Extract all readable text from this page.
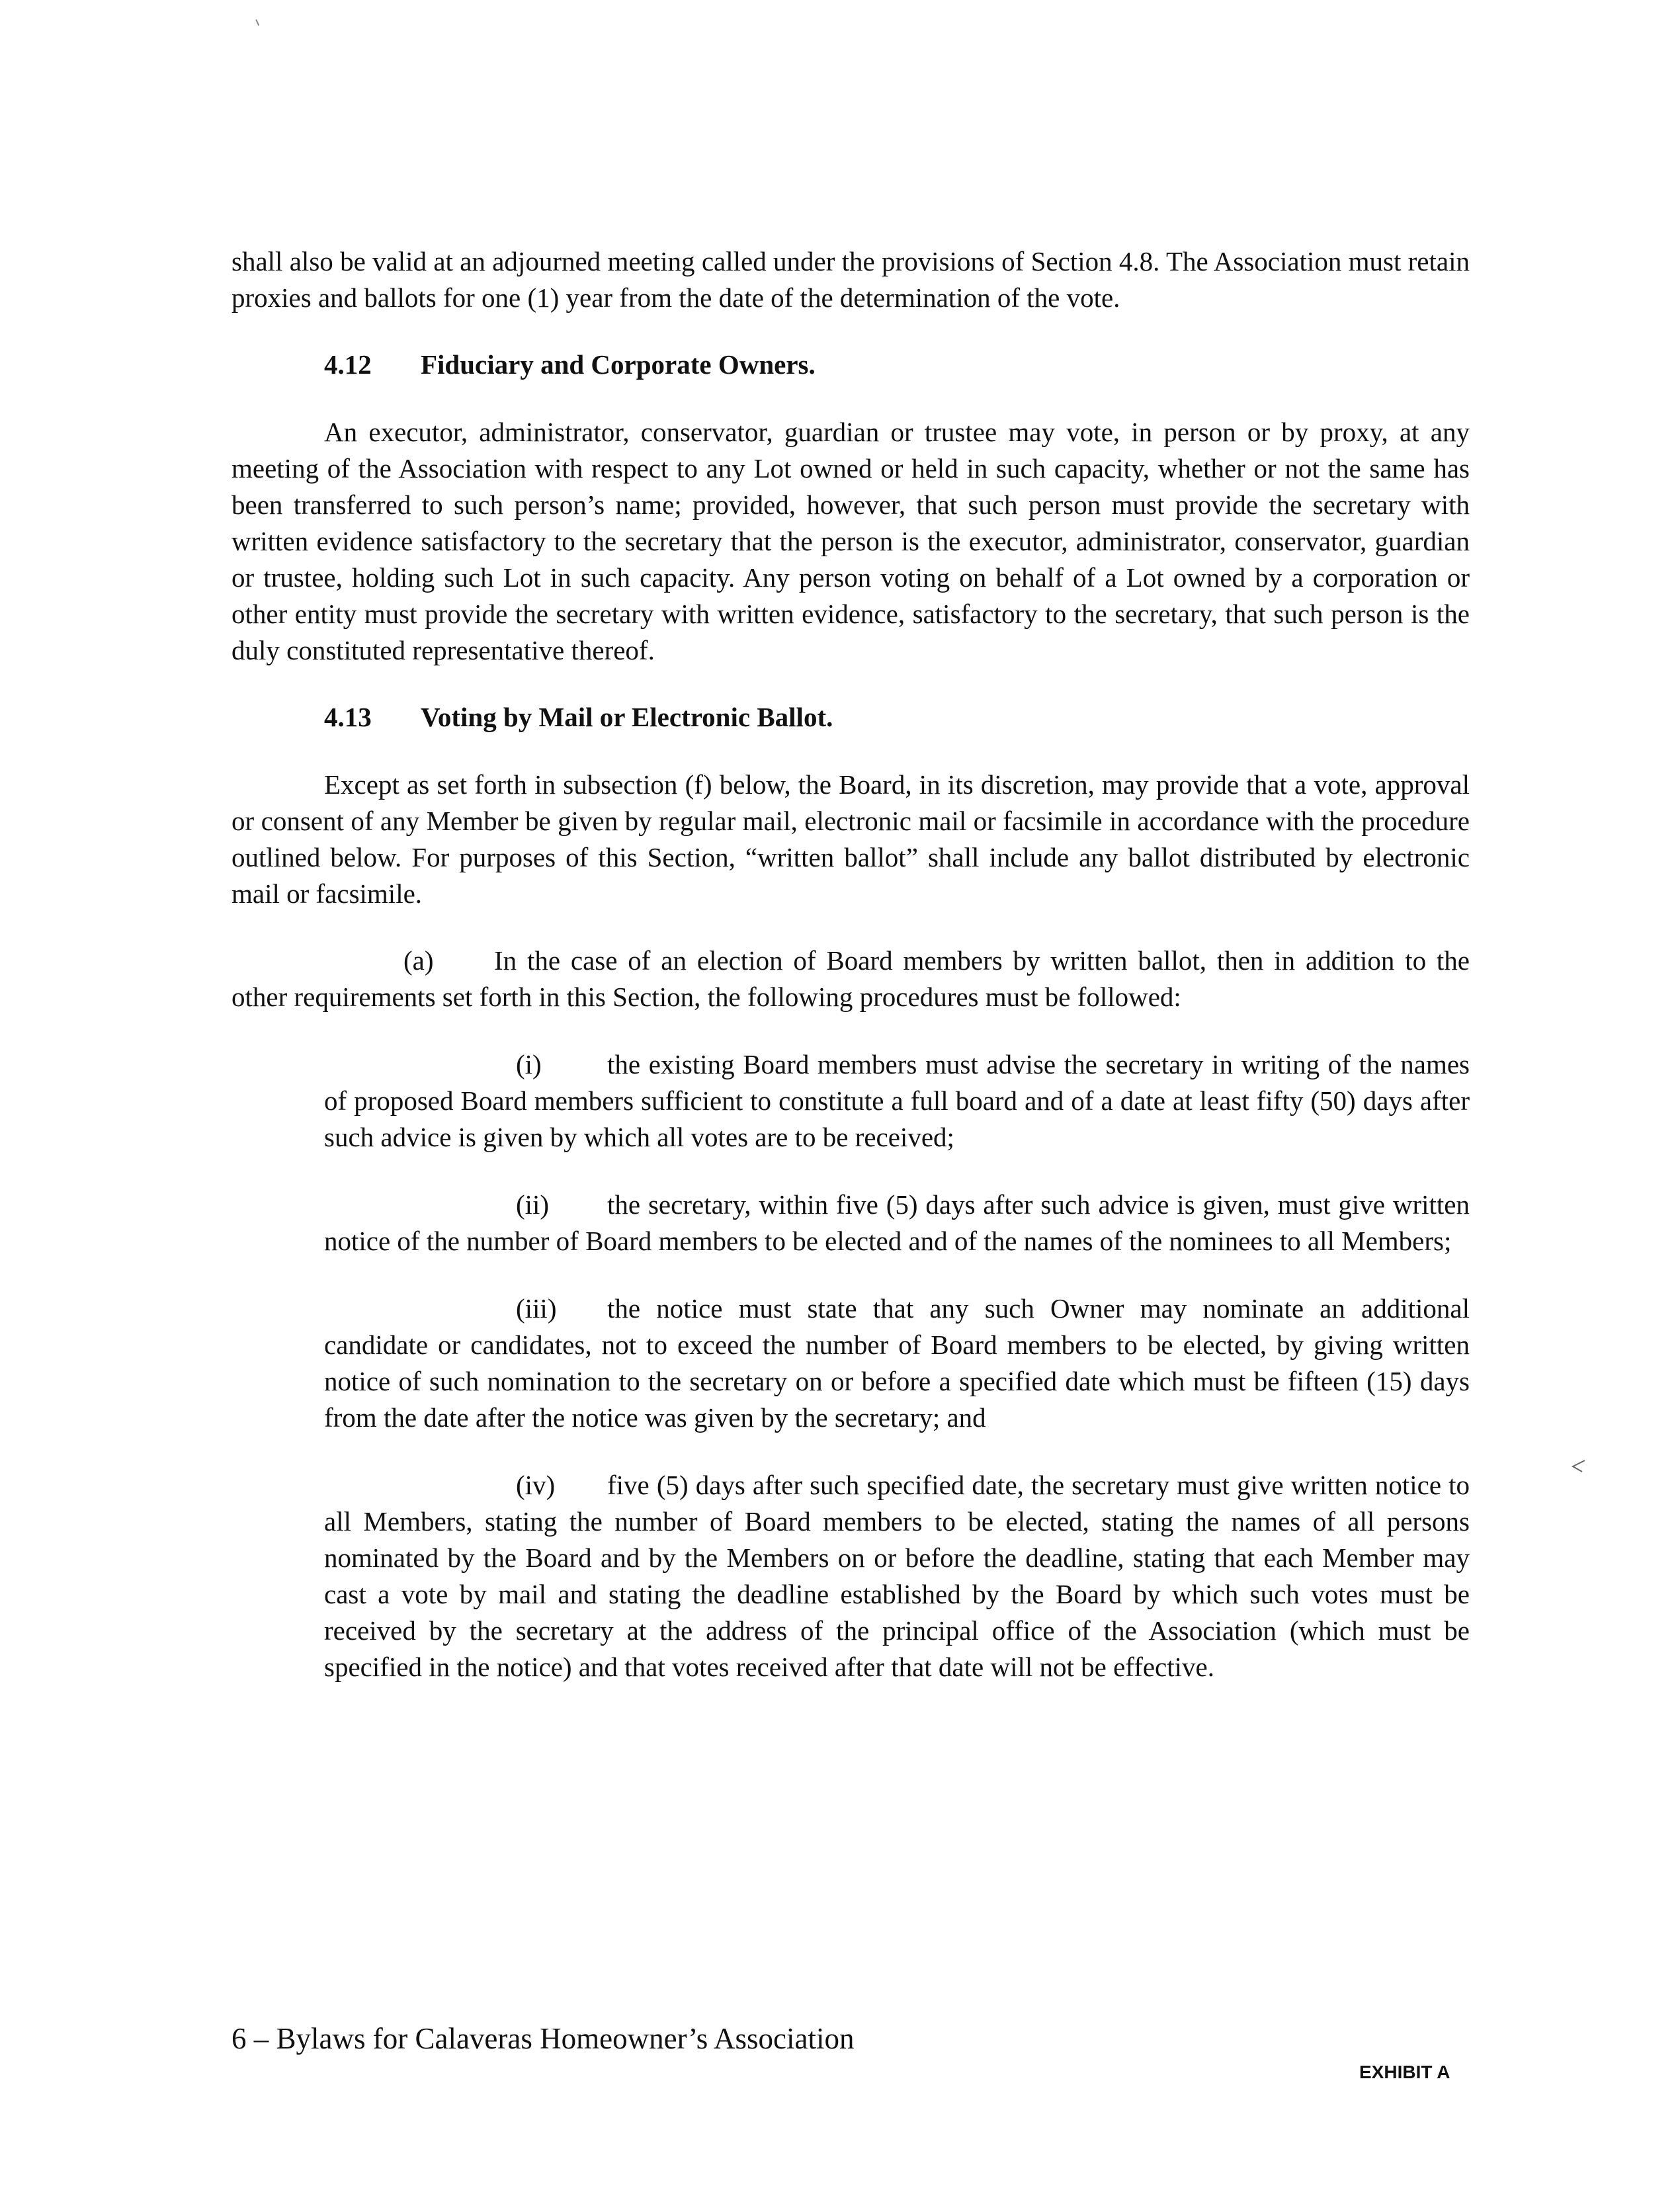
shall also be valid at an adjourned meeting called under the provisions of Section 4.8. The Association must retain proxies and ballots for one (1) year from the date of the determination of the vote.

4.12 Fiduciary and Corporate Owners.

An executor, administrator, conservator, guardian or trustee may vote, in person or by proxy, at any meeting of the Association with respect to any Lot owned or held in such capacity, whether or not the same has been transferred to such person’s name; provided, however, that such person must provide the secretary with written evidence satisfactory to the secretary that the person is the executor, administrator, conservator, guardian or trustee, holding such Lot in such capacity. Any person voting on behalf of a Lot owned by a corporation or other entity must provide the secretary with written evidence, satisfactory to the secretary, that such person is the duly constituted representative thereof.

4.13 Voting by Mail or Electronic Ballot.

Except as set forth in subsection (f) below, the Board, in its discretion, may provide that a vote, approval or consent of any Member be given by regular mail, electronic mail or facsimile in accordance with the procedure outlined below. For purposes of this Section, “written ballot” shall include any ballot distributed by electronic mail or facsimile.

(a) In the case of an election of Board members by written ballot, then in addition to the other requirements set forth in this Section, the following procedures must be followed:

(i) the existing Board members must advise the secretary in writing of the names of proposed Board members sufficient to constitute a full board and of a date at least fifty (50) days after such advice is given by which all votes are to be received;

(ii) the secretary, within five (5) days after such advice is given, must give written notice of the number of Board members to be elected and of the names of the nominees to all Members;

(iii) the notice must state that any such Owner may nominate an additional candidate or candidates, not to exceed the number of Board members to be elected, by giving written notice of such nomination to the secretary on or before a specified date which must be fifteen (15) days from the date after the notice was given by the secretary; and

(iv) five (5) days after such specified date, the secretary must give written notice to all Members, stating the number of Board members to be elected, stating the names of all persons nominated by the Board and by the Members on or before the deadline, stating that each Member may cast a vote by mail and stating the deadline established by the Board by which such votes must be received by the secretary at the address of the principal office of the Association (which must be specified in the notice) and that votes received after that date will not be effective.

6 – Bylaws for Calaveras Homeowner’s Association
EXHIBIT A
